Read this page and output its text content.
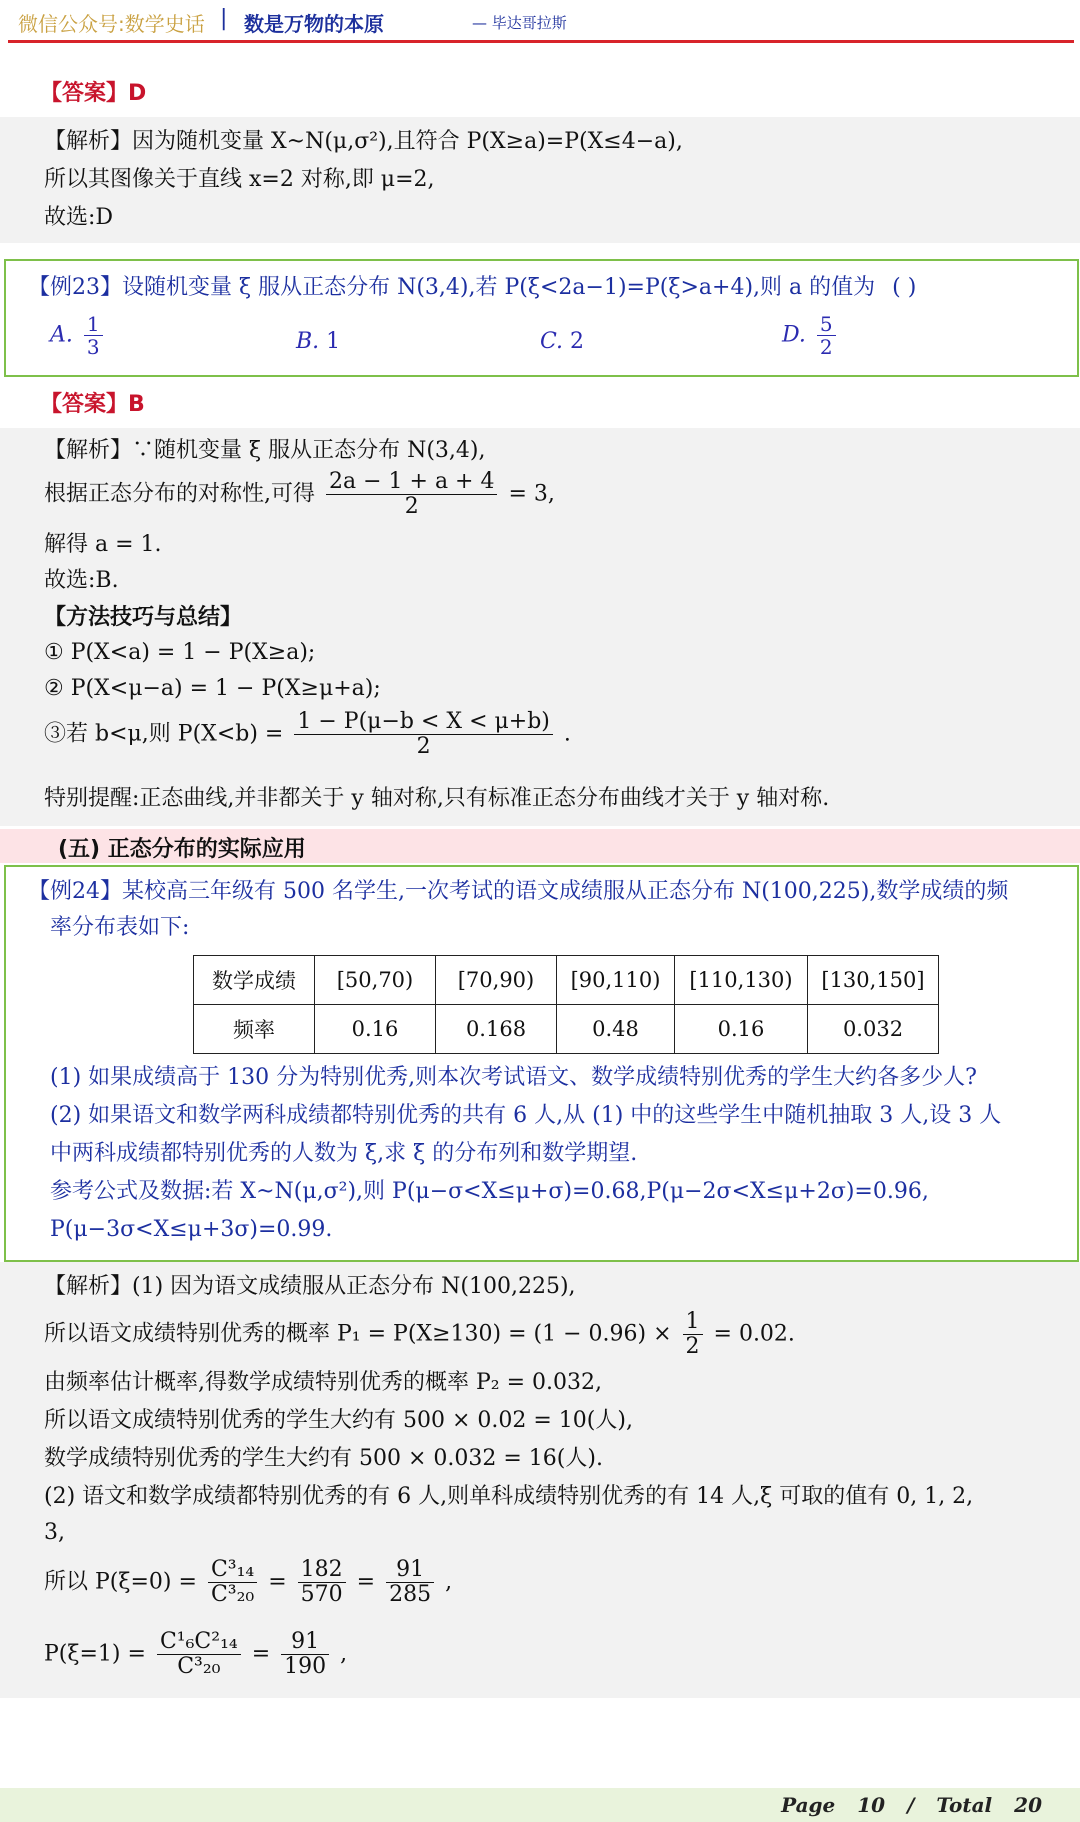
微信公众号:数学史话 | 数是万物的本原	— 毕达哥拉斯
【答案】D
【解析】因为随机变量 X~N(μ,σ²),且符合 P(X≥a)=P(X≤4−a),
所以其图像关于直线 x=2 对称,即 μ=2,
故选:D
【例23】设随机变量 ξ 服从正态分布 N(3,4),若 P(ξ<2a−1)=P(ξ>a+4),则 a 的值为 ( )
A. $\frac{1}{3}$	B. 1	C. 2	D. $\frac{5}{2}$
【答案】B
【解析】∵随机变量 ξ 服从正态分布 N(3,4),
根据正态分布的对称性,可得 $\frac{2a - 1 + a + 4}{2} = 3$,
解得 a = 1.
故选:B.
【方法技巧与总结】
① P(X<a) = 1 − P(X≥a);
② P(X<μ−a) = 1 − P(X≥μ+a);
③若 b<μ,则 $P(X<b) = \frac{1 - P(\mu-b < X < \mu+b)}{2}$ .
特别提醒:正态曲线,并非都关于 y 轴对称,只有标准正态分布曲线才关于 y 轴对称.
(五) 正态分布的实际应用
【例24】某校高三年级有 500 名学生,一次考试的语文成绩服从正态分布 N(100,225),数学成绩的频
率分布表如下:
(1) 如果成绩高于 130 分为特别优秀,则本次考试语文、数学成绩特别优秀的学生大约各多少人?
(2) 如果语文和数学两科成绩都特别优秀的共有 6 人,从 (1) 中的这些学生中随机抽取 3 人,设 3 人
中两科成绩都特别优秀的人数为 ξ,求 ξ 的分布列和数学期望.
参考公式及数据:若 X~N(μ,σ²),则 P(μ−σ<X≤μ+σ)=0.68,P(μ−2σ<X≤μ+2σ)=0.96,
P(μ−3σ<X≤μ+3σ)=0.99.
数学成绩	[50,70)	[70,90)	[90,110)	[110,130)	[130,150]
频率	0.16	0.168	0.48	0.16	0.032
【解析】(1) 因为语文成绩服从正态分布 N(100,225),
所以语文成绩特别优秀的概率 $P_1 = P(X\ge 130) = (1 - 0.96) \times \frac{1}{2} = 0.02$.
由频率估计概率,得数学成绩特别优秀的概率 P₂ = 0.032,
所以语文成绩特别优秀的学生大约有 500 × 0.02 = 10(人),
数学成绩特别优秀的学生大约有 500 × 0.032 = 16(人).
(2) 语文和数学成绩都特别优秀的有 6 人,则单科成绩特别优秀的有 14 人,ξ 可取的值有 0, 1, 2,
3,
所以 $P(\xi=0) = \frac{\text{C³₁₄}}{\text{C³₂₀}} = \frac{182}{570} = \frac{91}{285}$ ,
$P(\xi=1) = \frac{\text{C¹₆C²₁₄}}{\text{C³₂₀}} = \frac{91}{190}$ ,
Page 10 / Total 20
